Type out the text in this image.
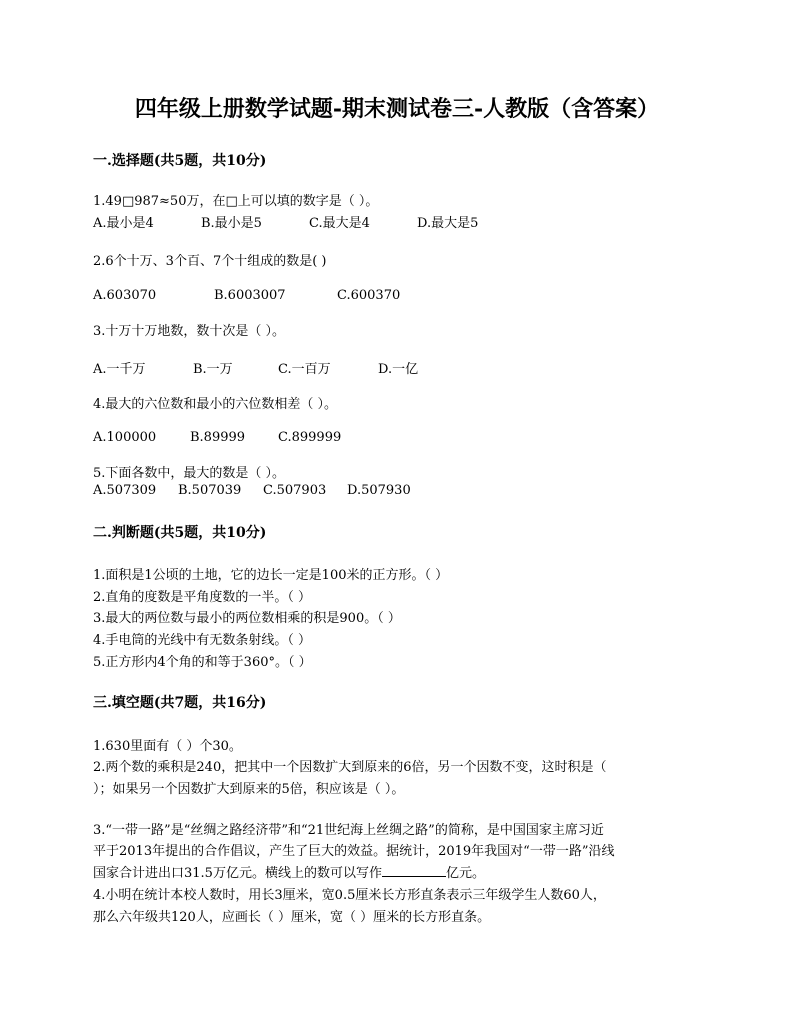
四年级上册数学试题-期末测试卷三-人教版（含答案）
一.选择题(共5题，共10分)
1.49□987≈50万，在□上可以填的数字是（ ）。
A.最小是4	B.最小是5	C.最大是4	D.最大是5
2.6个十万、3个百、7个十组成的数是( )
A.603070	B.6003007	C.600370
3.十万十万地数，数十次是（ ）。
A.一千万	B.一万	C.一百万	D.一亿
4.最大的六位数和最小的六位数相差（ ）。
A.100000	B.89999	C.899999
5.下面各数中，最大的数是（ ）。
A.507309 B.507039 C.507903 D.507930
二.判断题(共5题，共10分)
1.面积是1公顷的土地，它的边长一定是100米的正方形。（ ）
2.直角的度数是平角度数的一半。（ ）
3.最大的两位数与最小的两位数相乘的积是900。（ ）
4.手电筒的光线中有无数条射线。（ ）
5.正方形内4个角的和等于360°。（ ）
三.填空题(共7题，共16分)
1.630里面有（ ）个30。
2.两个数的乘积是240，把其中一个因数扩大到原来的6倍，另一个因数不变，这时积是（
）；如果另一个因数扩大到原来的5倍，积应该是（ ）。
3.“一带一路”是“丝绸之路经济带”和“21世纪海上丝绸之路”的简称，是中国国家主席习近
平于2013年提出的合作倡议，产生了巨大的效益。据统计，2019年我国对“一带一路”沿线
国家合计进出口31.5万亿元。横线上的数可以写作	亿元。
4.小明在统计本校人数时，用长3厘米，宽0.5厘米长方形直条表示三年级学生人数60人，
那么六年级共120人，应画长（ ）厘米，宽（ ）厘米的长方形直条。
